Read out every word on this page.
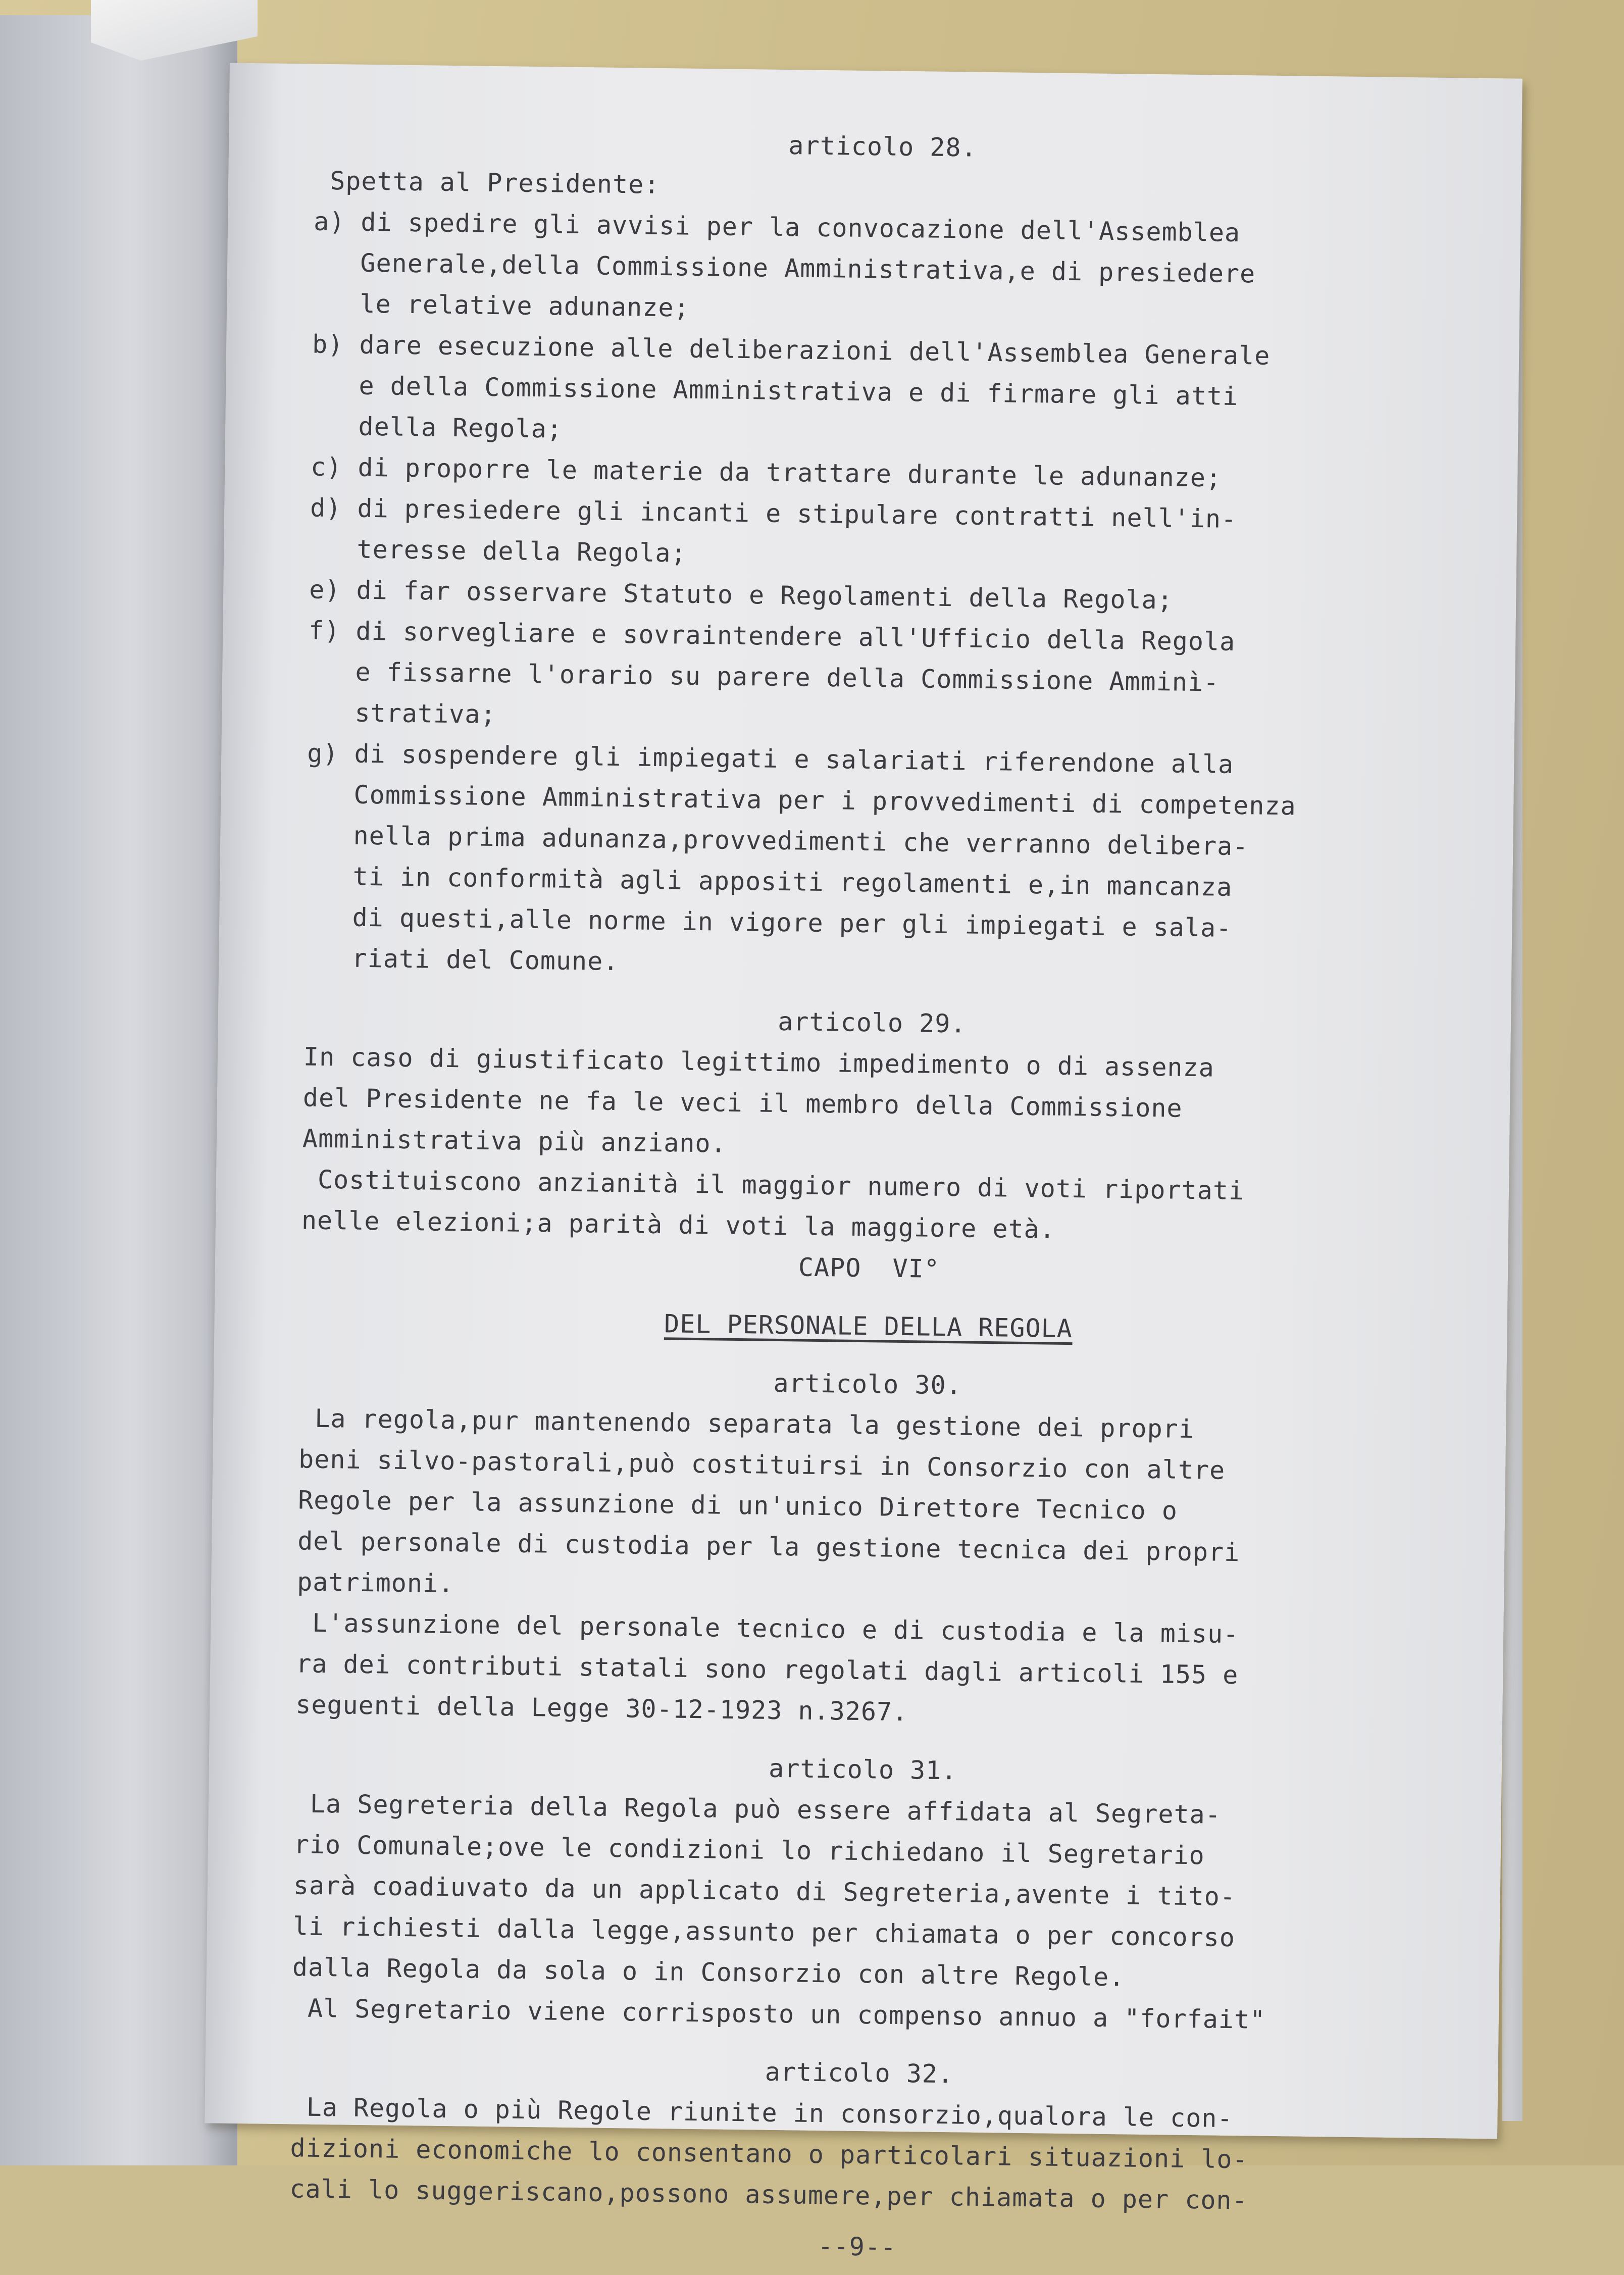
articolo 28.
Spetta al Presidente:
a) di spedire gli avvisi per la convocazione dell'Assemblea
Generale,della Commissione Amministrativa,e di presiedere
le relative adunanze;
b) dare esecuzione alle deliberazioni dell'Assemblea Generale
e della Commissione Amministrativa e di firmare gli atti
della Regola;
c) di proporre le materie da trattare durante le adunanze;
d) di presiedere gli incanti e stipulare contratti nell'in-
teresse della Regola;
e) di far osservare Statuto e Regolamenti della Regola;
f) di sorvegliare e sovraintendere all'Ufficio della Regola
e fissarne l'orario su parere della Commissione Amminì-
strativa;
g) di sospendere gli impiegati e salariati riferendone alla
Commissione Amministrativa per i provvedimenti di competenza
nella prima adunanza,provvedimenti che verranno delibera-
ti in conformità agli appositi regolamenti e,in mancanza
di questi,alle norme in vigore per gli impiegati e sala-
riati del Comune.
articolo 29.
In caso di giustificato legittimo impedimento o di assenza
del Presidente ne fa le veci il membro della Commissione
Amministrativa più anziano.
Costituiscono anzianità il maggior numero di voti riportati
nelle elezioni;a parità di voti la maggiore età.
CAPO  VI°
DEL PERSONALE DELLA REGOLA
articolo 30.
La regola,pur mantenendo separata la gestione dei propri
beni silvo-pastorali,può costituirsi in Consorzio con altre
Regole per la assunzione di un'unico Direttore Tecnico o
del personale di custodia per la gestione tecnica dei propri
patrimoni.
L'assunzione del personale tecnico e di custodia e la misu-
ra dei contributi statali sono regolati dagli articoli 155 e
seguenti della Legge 30-12-1923 n.3267.
articolo 31.
La Segreteria della Regola può essere affidata al Segreta-
rio Comunale;ove le condizioni lo richiedano il Segretario
sarà coadiuvato da un applicato di Segreteria,avente i tito-
li richiesti dalla legge,assunto per chiamata o per concorso
dalla Regola da sola o in Consorzio con altre Regole.
Al Segretario viene corrisposto un compenso annuo a "forfait"
articolo 32.
La Regola o più Regole riunite in consorzio,qualora le con-
dizioni economiche lo consentano o particolari situazioni lo-
cali lo suggeriscano,possono assumere,per chiamata o per con-
--9--
